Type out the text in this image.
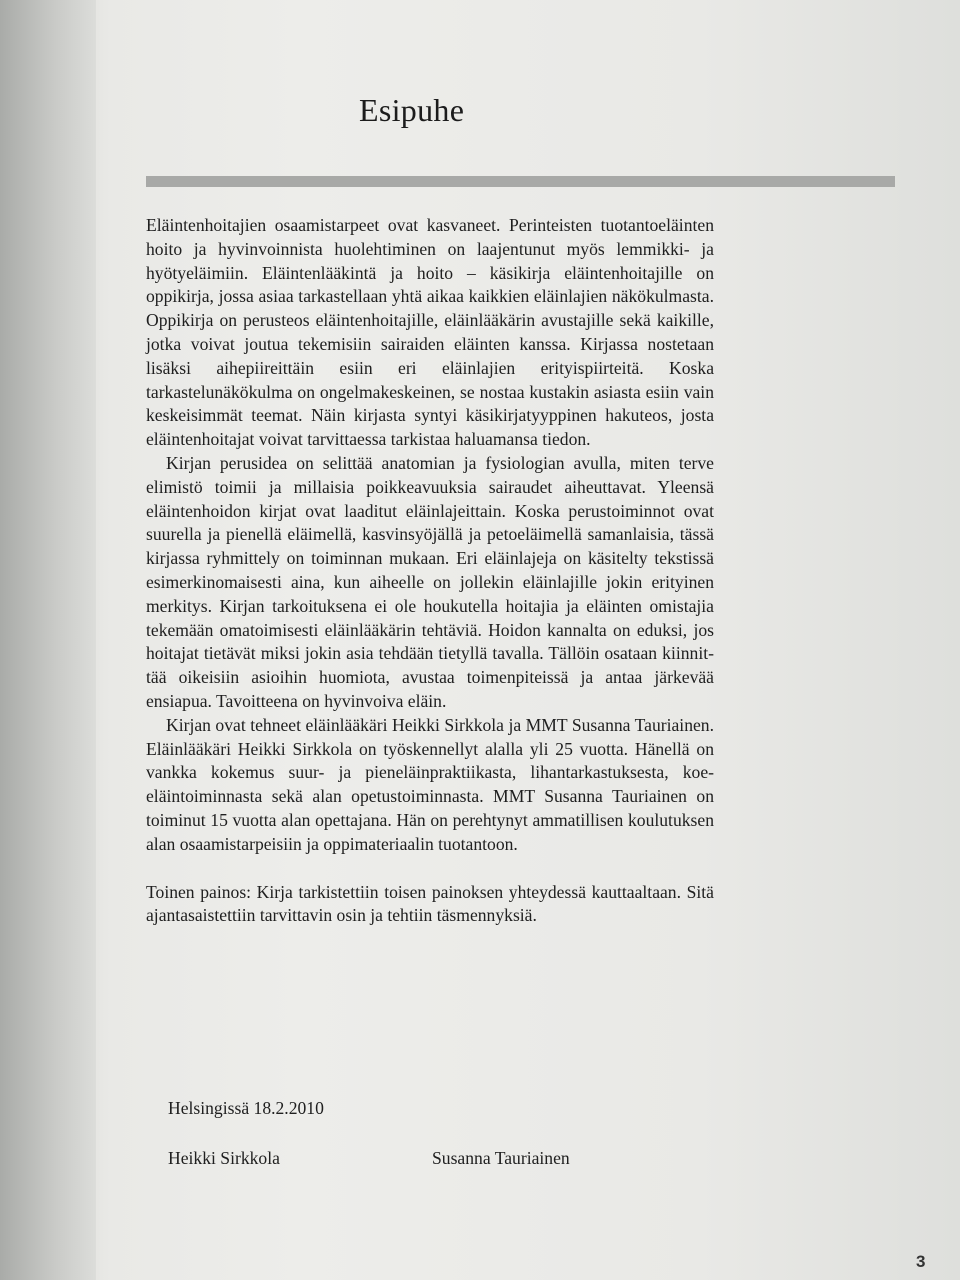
Esipuhe

Eläintenhoitajien osaamistarpeet ovat kasvaneet. Perinteisten tuotantoeläinten hoito ja hyvinvoinnista huolehtiminen on laajentunut myös lemmikki- ja hyötyeläimiin. Eläintenlääkintä ja hoito – käsikirja eläintenhoitajille on oppikirja, jossa asiaa tarkastellaan yhtä aikaa kaikkien eläinlajien näkökulmasta. Oppikirja on perusteos eläintenhoitajille, eläinlääkärin avustajille sekä kaikille, jotka voivat joutua tekemisiin sairaiden eläinten kanssa. Kirjassa nostetaan lisäksi aihepiireittäin esiin eri eläinlajien erityispiirteitä. Koska tarkastelunäkökulma on ongelmakeskeinen, se nostaa kustakin asiasta esiin vain keskeisimmät teemat. Näin kirjasta syntyi käsikirjatyyppinen hakuteos, josta eläintenhoitajat voivat tarvittaessa tarkistaa haluamansa tiedon.

Kirjan perusidea on selittää anatomian ja fysiologian avulla, miten terve elimistö toimii ja millaisia poikkeavuuksia sairaudet aiheuttavat. Yleensä eläintenhoidon kirjat ovat laaditut eläinlajeittain. Koska perustoiminnot ovat suurella ja pienellä eläimellä, kasvinsyöjällä ja petoeläimellä samanlaisia, tässä kirjassa ryhmittely on toiminnan mukaan. Eri eläinlajeja on käsitelty tekstissä esimerkinomaisesti aina, kun aiheelle on jollekin eläinlajille jokin erityinen merkitys. Kirjan tarkoituksena ei ole houkutella hoitajia ja eläinten omistajia tekemään omatoimisesti eläinlääkärin tehtäviä. Hoidon kannalta on eduksi, jos hoitajat tietävät miksi jokin asia tehdään tietyllä tavalla. Tällöin osataan kiinnittää oikeisiin asioihin huomiota, avustaa toimenpiteissä ja antaa järkevää ensiapua. Tavoitteena on hyvinvoiva eläin.

Kirjan ovat tehneet eläinlääkäri Heikki Sirkkola ja MMT Susanna Tauriainen. Eläinlääkäri Heikki Sirkkola on työskennellyt alalla yli 25 vuotta. Hänellä on vankka kokemus suur- ja pieneläinpraktiikasta, lihantarkastuksesta, koe-eläintoiminnasta sekä alan opetustoiminnasta. MMT Susanna Tauriainen on toiminut 15 vuotta alan opettajana. Hän on perehtynyt ammatillisen koulutuksen alan osaamistarpeisiin ja oppimateriaalin tuotantoon.

Toinen painos: Kirja tarkistettiin toisen painoksen yhteydessä kauttaaltaan. Sitä ajantasaistettiin tarvittavin osin ja tehtiin täsmennyksiä.

Helsingissä 18.2.2010
Heikki Sirkkola	Susanna Tauriainen
3
